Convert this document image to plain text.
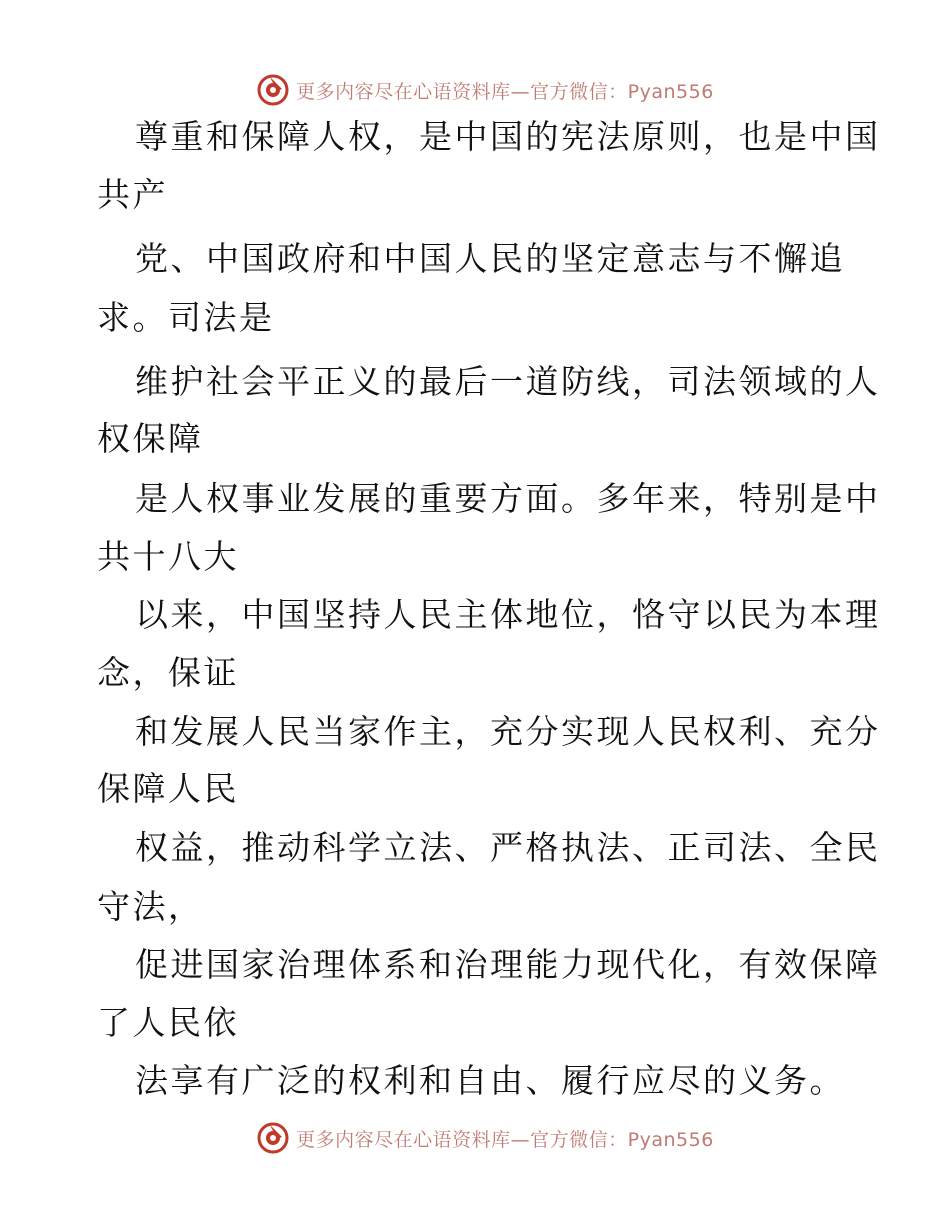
更多内容尽在心语资料库—官方微信：Pyan556
尊重和保障人权，是中国的宪法原则，也是中国
共产
党、中国政府和中国人民的坚定意志与不懈追
求。司法是
维护社会平正义的最后一道防线，司法领域的人
权保障
是人权事业发展的重要方面。多年来，特别是中
共十八大
以来，中国坚持人民主体地位，恪守以民为本理
念，保证
和发展人民当家作主，充分实现人民权利、充分
保障人民
权益，推动科学立法、严格执法、正司法、全民
守法，
促进国家治理体系和治理能力现代化，有效保障
了人民依
法享有广泛的权利和自由、履行应尽的义务。
更多内容尽在心语资料库—官方微信：Pyan556
